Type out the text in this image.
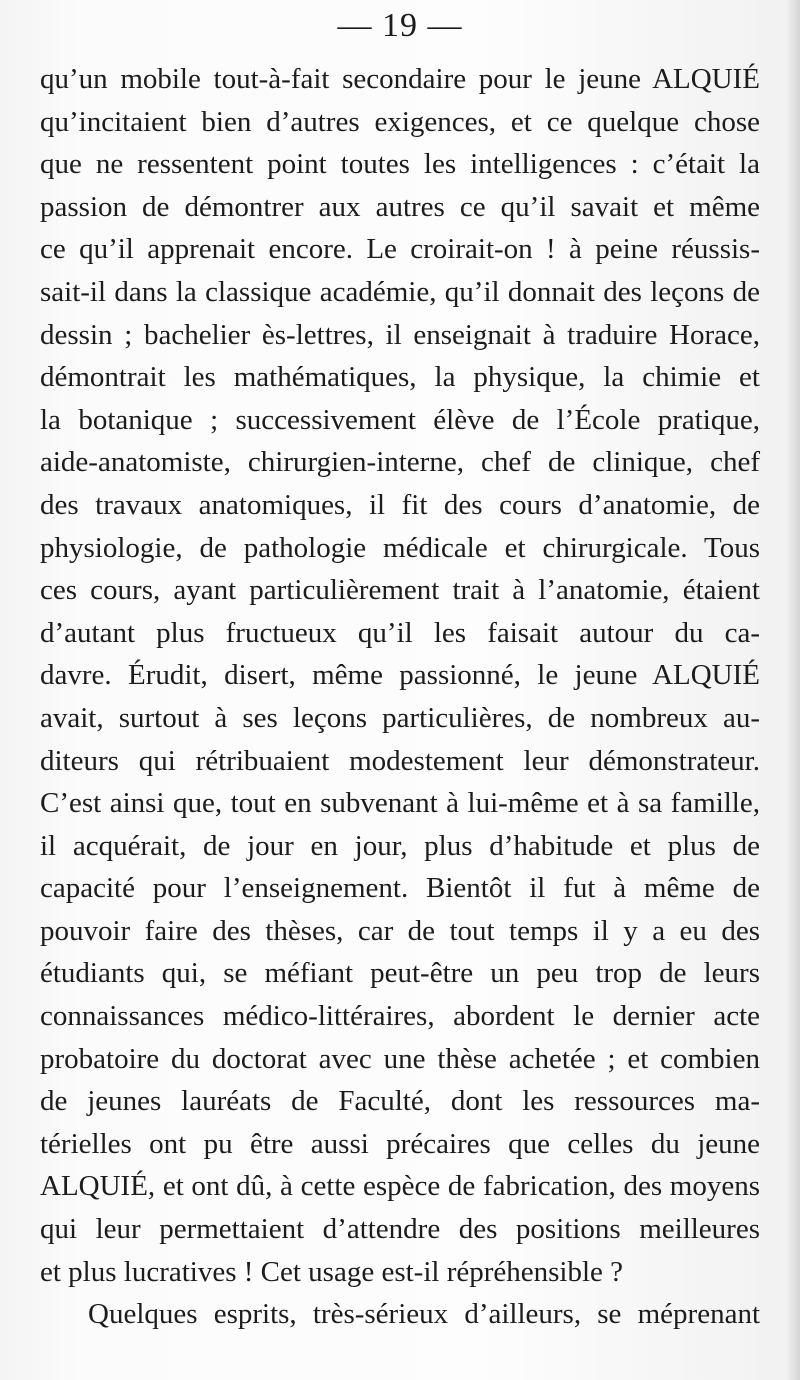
— 19 —
qu’un mobile tout-à-fait secondaire pour le jeune ALQUIÉ
qu’incitaient bien d’autres exigences, et ce quelque chose
que ne ressentent point toutes les intelligences : c’était la
passion de démontrer aux autres ce qu’il savait et même
ce qu’il apprenait encore. Le croirait-on ! à peine réussis-
sait-il dans la classique académie, qu’il donnait des leçons de
dessin ; bachelier ès-lettres, il enseignait à traduire Horace,
démontrait les mathématiques, la physique, la chimie et
la botanique ; successivement élève de l’École pratique,
aide-anatomiste, chirurgien-interne, chef de clinique, chef
des travaux anatomiques, il fit des cours d’anatomie, de
physiologie, de pathologie médicale et chirurgicale. Tous
ces cours, ayant particulièrement trait à l’anatomie, étaient
d’autant plus fructueux qu’il les faisait autour du ca-
davre. Érudit, disert, même passionné, le jeune ALQUIÉ
avait, surtout à ses leçons particulières, de nombreux au-
diteurs qui rétribuaient modestement leur démonstrateur.
C’est ainsi que, tout en subvenant à lui-même et à sa famille,
il acquérait, de jour en jour, plus d’habitude et plus de
capacité pour l’enseignement. Bientôt il fut à même de
pouvoir faire des thèses, car de tout temps il y a eu des
étudiants qui, se méfiant peut-être un peu trop de leurs
connaissances médico-littéraires, abordent le dernier acte
probatoire du doctorat avec une thèse achetée ; et combien
de jeunes lauréats de Faculté, dont les ressources ma-
térielles ont pu être aussi précaires que celles du jeune
ALQUIÉ, et ont dû, à cette espèce de fabrication, des moyens
qui leur permettaient d’attendre des positions meilleures
et plus lucratives ! Cet usage est-il répréhensible ?
Quelques esprits, très-sérieux d’ailleurs, se méprenant
